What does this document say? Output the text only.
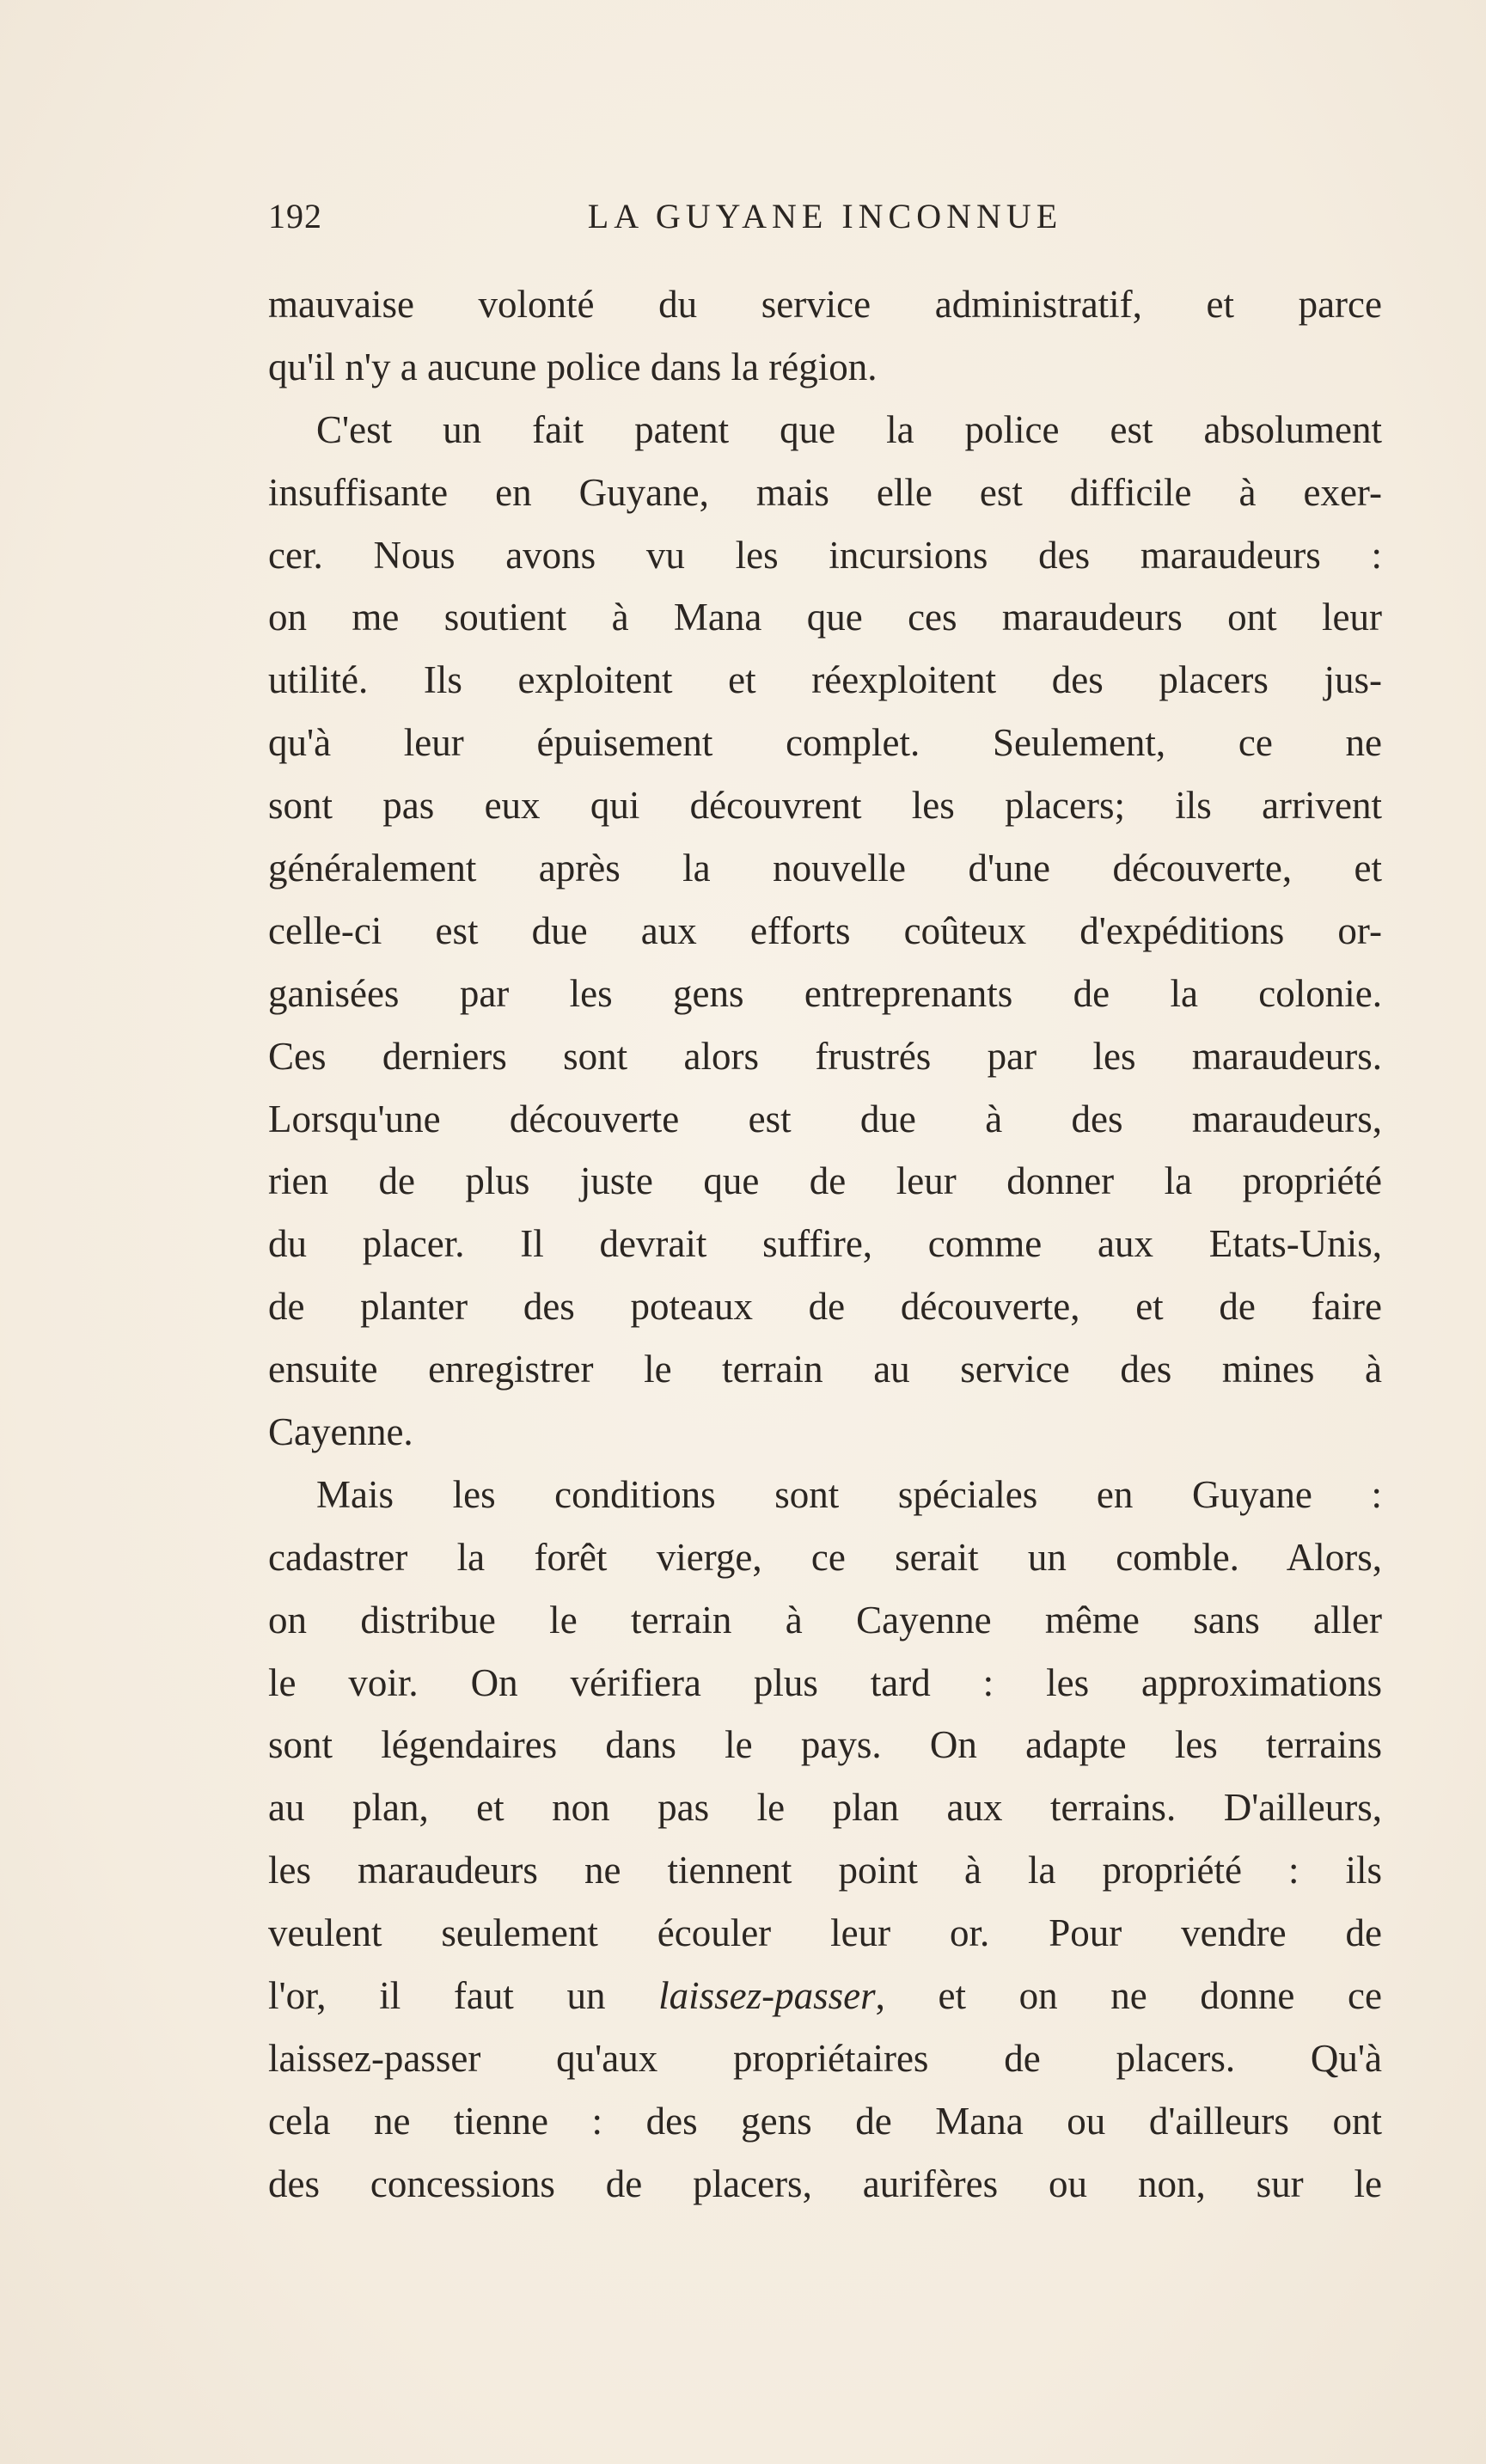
192	LA GUYANE INCONNUE
mauvaise volonté du service administratif, et parce
qu'il n'y a aucune police dans la région.
C'est un fait patent que la police est absolument
insuffisante en Guyane, mais elle est difficile à exer-
cer. Nous avons vu les incursions des maraudeurs :
on me soutient à Mana que ces maraudeurs ont leur
utilité. Ils exploitent et réexploitent des placers jus-
qu'à leur épuisement complet. Seulement, ce ne
sont pas eux qui découvrent les placers; ils arrivent
généralement après la nouvelle d'une découverte, et
celle-ci est due aux efforts coûteux d'expéditions or-
ganisées par les gens entreprenants de la colonie.
Ces derniers sont alors frustrés par les maraudeurs.
Lorsqu'une découverte est due à des maraudeurs,
rien de plus juste que de leur donner la propriété
du placer. Il devrait suffire, comme aux Etats-Unis,
de planter des poteaux de découverte, et de faire
ensuite enregistrer le terrain au service des mines à
Cayenne.
Mais les conditions sont spéciales en Guyane :
cadastrer la forêt vierge, ce serait un comble. Alors,
on distribue le terrain à Cayenne même sans aller
le voir. On vérifiera plus tard : les approximations
sont légendaires dans le pays. On adapte les terrains
au plan, et non pas le plan aux terrains. D'ailleurs,
les maraudeurs ne tiennent point à la propriété : ils
veulent seulement écouler leur or. Pour vendre de
l'or, il faut un laissez-passer, et on ne donne ce
laissez-passer qu'aux propriétaires de placers. Qu'à
cela ne tienne : des gens de Mana ou d'ailleurs ont
des concessions de placers, aurifères ou non, sur le
